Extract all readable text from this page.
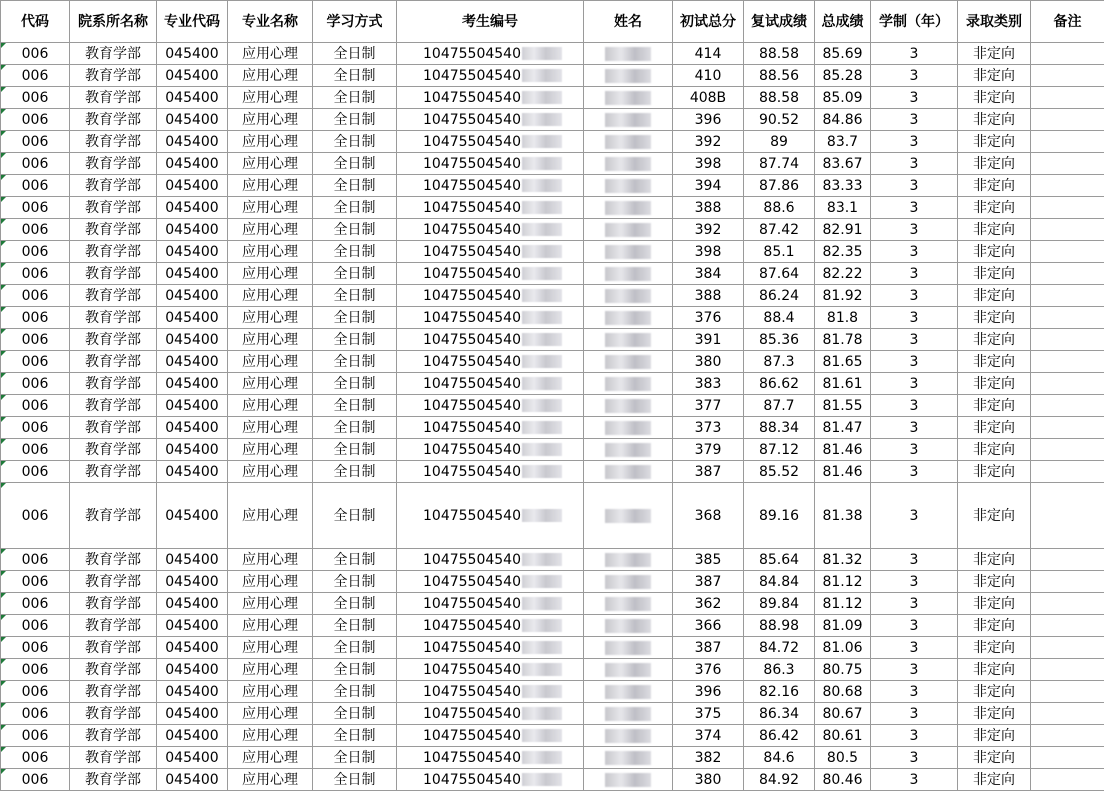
代码	院系所名称	专业代码	专业名称	学习方式	考生编号	姓名	初试总分	复试成绩	总成绩	学制（年）	录取类别	备注
006	教育学部	045400	应用心理	全日制	10475504540		414	88.58	85.69	3	非定向	
006	教育学部	045400	应用心理	全日制	10475504540		410	88.56	85.28	3	非定向	
006	教育学部	045400	应用心理	全日制	10475504540		408B	88.58	85.09	3	非定向	
006	教育学部	045400	应用心理	全日制	10475504540		396	90.52	84.86	3	非定向	
006	教育学部	045400	应用心理	全日制	10475504540		392	89	83.7	3	非定向	
006	教育学部	045400	应用心理	全日制	10475504540		398	87.74	83.67	3	非定向	
006	教育学部	045400	应用心理	全日制	10475504540		394	87.86	83.33	3	非定向	
006	教育学部	045400	应用心理	全日制	10475504540		388	88.6	83.1	3	非定向	
006	教育学部	045400	应用心理	全日制	10475504540		392	87.42	82.91	3	非定向	
006	教育学部	045400	应用心理	全日制	10475504540		398	85.1	82.35	3	非定向	
006	教育学部	045400	应用心理	全日制	10475504540		384	87.64	82.22	3	非定向	
006	教育学部	045400	应用心理	全日制	10475504540		388	86.24	81.92	3	非定向	
006	教育学部	045400	应用心理	全日制	10475504540		376	88.4	81.8	3	非定向	
006	教育学部	045400	应用心理	全日制	10475504540		391	85.36	81.78	3	非定向	
006	教育学部	045400	应用心理	全日制	10475504540		380	87.3	81.65	3	非定向	
006	教育学部	045400	应用心理	全日制	10475504540		383	86.62	81.61	3	非定向	
006	教育学部	045400	应用心理	全日制	10475504540		377	87.7	81.55	3	非定向	
006	教育学部	045400	应用心理	全日制	10475504540		373	88.34	81.47	3	非定向	
006	教育学部	045400	应用心理	全日制	10475504540		379	87.12	81.46	3	非定向	
006	教育学部	045400	应用心理	全日制	10475504540		387	85.52	81.46	3	非定向	
006	教育学部	045400	应用心理	全日制	10475504540		368	89.16	81.38	3	非定向	
006	教育学部	045400	应用心理	全日制	10475504540		385	85.64	81.32	3	非定向	
006	教育学部	045400	应用心理	全日制	10475504540		387	84.84	81.12	3	非定向	
006	教育学部	045400	应用心理	全日制	10475504540		362	89.84	81.12	3	非定向	
006	教育学部	045400	应用心理	全日制	10475504540		366	88.98	81.09	3	非定向	
006	教育学部	045400	应用心理	全日制	10475504540		387	84.72	81.06	3	非定向	
006	教育学部	045400	应用心理	全日制	10475504540		376	86.3	80.75	3	非定向	
006	教育学部	045400	应用心理	全日制	10475504540		396	82.16	80.68	3	非定向	
006	教育学部	045400	应用心理	全日制	10475504540		375	86.34	80.67	3	非定向	
006	教育学部	045400	应用心理	全日制	10475504540		374	86.42	80.61	3	非定向	
006	教育学部	045400	应用心理	全日制	10475504540		382	84.6	80.5	3	非定向	
006	教育学部	045400	应用心理	全日制	10475504540		380	84.92	80.46	3	非定向	
